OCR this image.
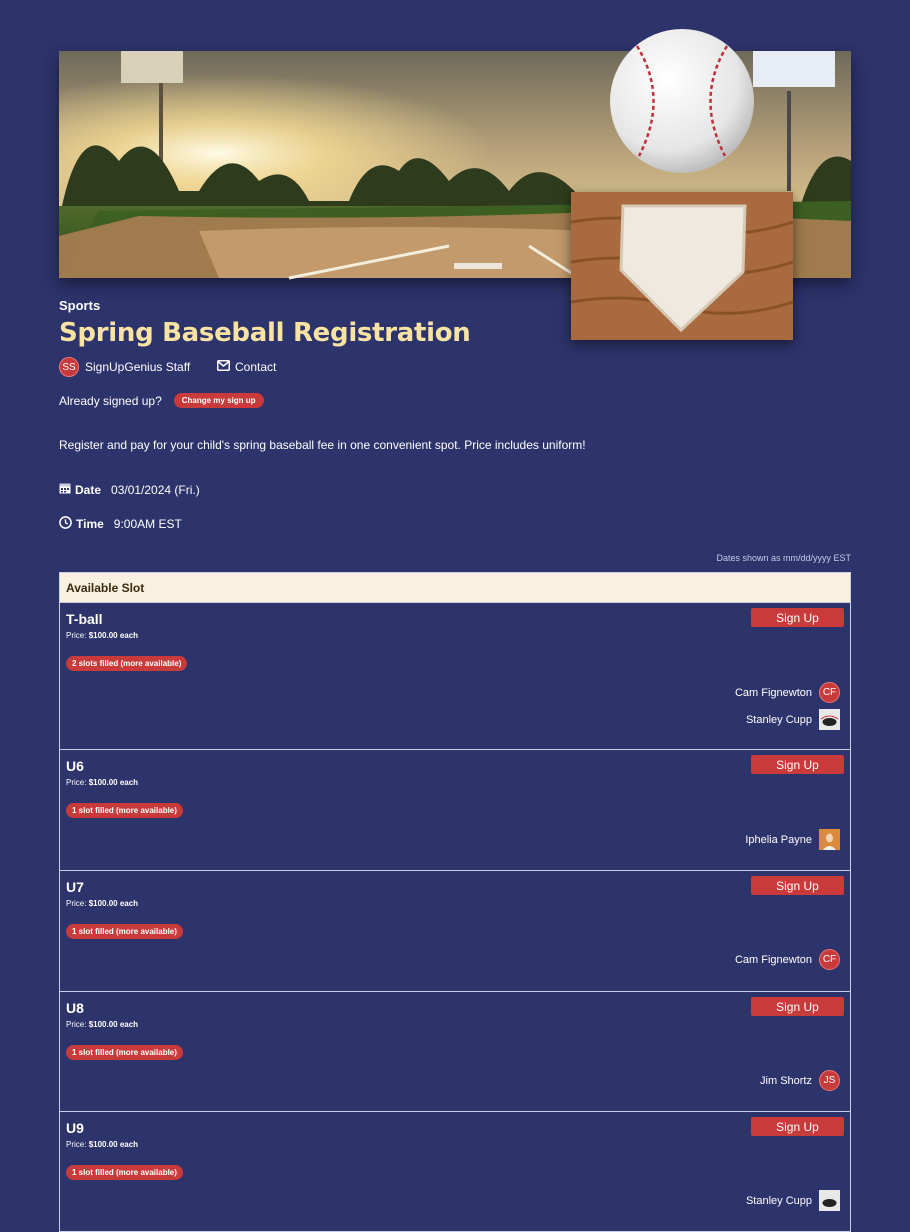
Sports
Spring Baseball Registration
SS SignUpGenius Staff	Contact
Already signed up?	Change my sign up
Register and pay for your child's spring baseball fee in one convenient spot. Price includes uniform!
Date 03/01/2024 (Fri.)
Time 9:00AM EST
Dates shown as mm/dd/yyyy EST
Available Slot
T-ball
Price: $100.00 each
2 slots filled (more available)
Sign Up
Cam Fignewton	CF
Stanley Cupp
U6
Price: $100.00 each
1 slot filled (more available)
Sign Up
Iphelia Payne
U7
Price: $100.00 each
1 slot filled (more available)
Sign Up
Cam Fignewton	CF
U8
Price: $100.00 each
1 slot filled (more available)
Sign Up
Jim Shortz	JS
U9
Price: $100.00 each
1 slot filled (more available)
Sign Up
Stanley Cupp
